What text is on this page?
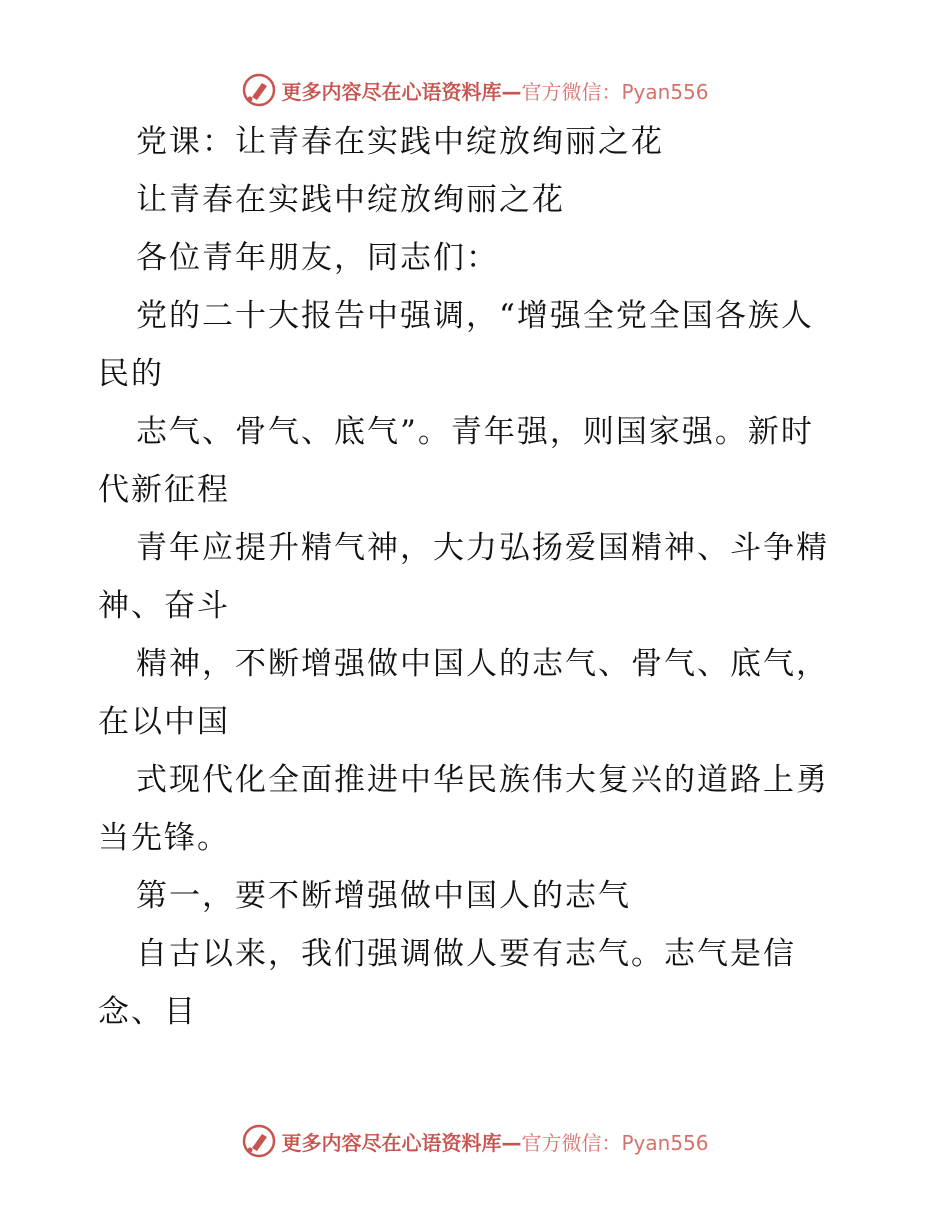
更多内容尽在心语资料库—官方微信：Pyan556
党课：让青春在实践中绽放绚丽之花
让青春在实践中绽放绚丽之花
各位青年朋友，同志们：
党的二十大报告中强调，“增强全党全国各族人
民的
志气、骨气、底气”。青年强，则国家强。新时
代新征程
青年应提升精气神，大力弘扬爱国精神、斗争精
神、奋斗
精神，不断增强做中国人的志气、骨气、底气，
在以中国
式现代化全面推进中华民族伟大复兴的道路上勇
当先锋。
第一，要不断增强做中国人的志气
自古以来，我们强调做人要有志气。志气是信
念、目
更多内容尽在心语资料库—官方微信：Pyan556
